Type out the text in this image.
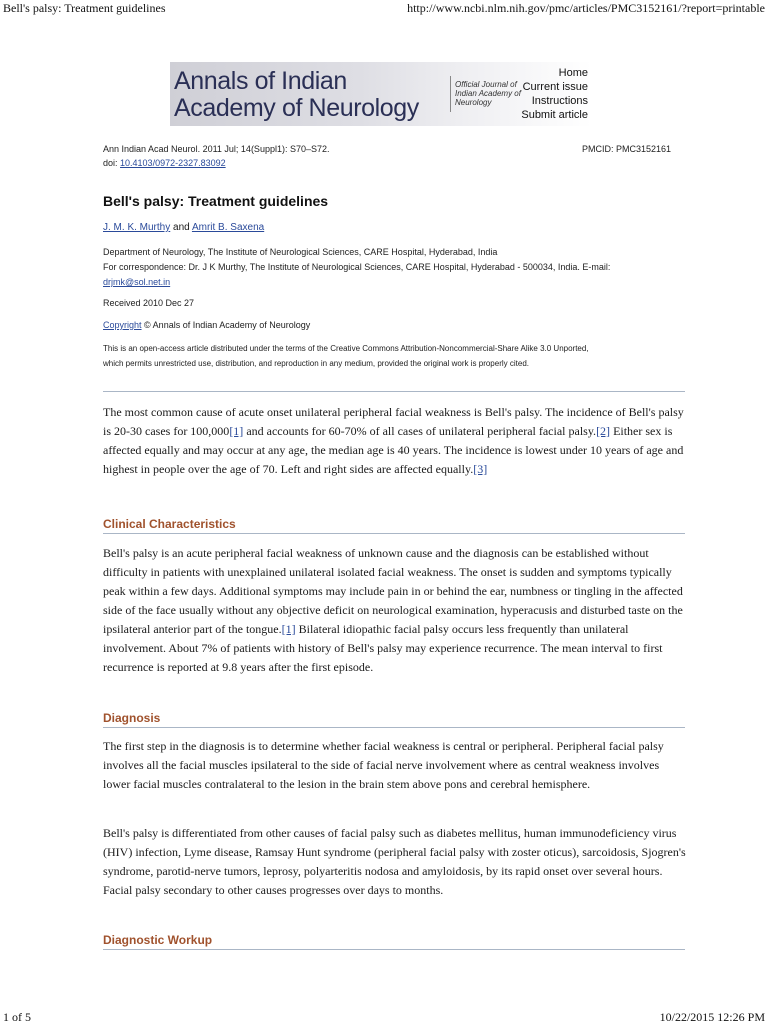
Bell's palsy: Treatment guidelines	http://www.ncbi.nlm.nih.gov/pmc/articles/PMC3152161/?report=printable
Annals of Indian
Academy of Neurology
Official Journal of Indian Academy of Neurology
Home
Current issue
Instructions
Submit article
Ann Indian Acad Neurol. 2011 Jul; 14(Suppl1): S70–S72.	PMCID: PMC3152161
doi: 10.4103/0972-2327.83092
Bell's palsy: Treatment guidelines
J. M. K. Murthy and Amrit B. Saxena
Department of Neurology, The Institute of Neurological Sciences, CARE Hospital, Hyderabad, India
For correspondence: Dr. J K Murthy, The Institute of Neurological Sciences, CARE Hospital, Hyderabad - 500034, India. E-mail:
drjmk@sol.net.in
Received 2010 Dec 27
Copyright © Annals of Indian Academy of Neurology
This is an open-access article distributed under the terms of the Creative Commons Attribution-Noncommercial-Share Alike 3.0 Unported,
which permits unrestricted use, distribution, and reproduction in any medium, provided the original work is properly cited.
The most common cause of acute onset unilateral peripheral facial weakness is Bell's palsy. The incidence of Bell's palsy is 20-30 cases for 100,000[1] and accounts for 60-70% of all cases of unilateral peripheral facial palsy.[2] Either sex is affected equally and may occur at any age, the median age is 40 years. The incidence is lowest under 10 years of age and highest in people over the age of 70. Left and right sides are affected equally.[3]
Clinical Characteristics
Bell's palsy is an acute peripheral facial weakness of unknown cause and the diagnosis can be established without difficulty in patients with unexplained unilateral isolated facial weakness. The onset is sudden and symptoms typically peak within a few days. Additional symptoms may include pain in or behind the ear, numbness or tingling in the affected side of the face usually without any objective deficit on neurological examination, hyperacusis and disturbed taste on the ipsilateral anterior part of the tongue.[1] Bilateral idiopathic facial palsy occurs less frequently than unilateral involvement. About 7% of patients with history of Bell's palsy may experience recurrence. The mean interval to first recurrence is reported at 9.8 years after the first episode.
Diagnosis
The first step in the diagnosis is to determine whether facial weakness is central or peripheral. Peripheral facial palsy involves all the facial muscles ipsilateral to the side of facial nerve involvement where as central weakness involves lower facial muscles contralateral to the lesion in the brain stem above pons and cerebral hemisphere.
Bell's palsy is differentiated from other causes of facial palsy such as diabetes mellitus, human immunodeficiency virus (HIV) infection, Lyme disease, Ramsay Hunt syndrome (peripheral facial palsy with zoster oticus), sarcoidosis, Sjogren's syndrome, parotid-nerve tumors, leprosy, polyarteritis nodosa and amyloidosis, by its rapid onset over several hours. Facial palsy secondary to other causes progresses over days to months.
Diagnostic Workup
1 of 5	10/22/2015 12:26 PM
